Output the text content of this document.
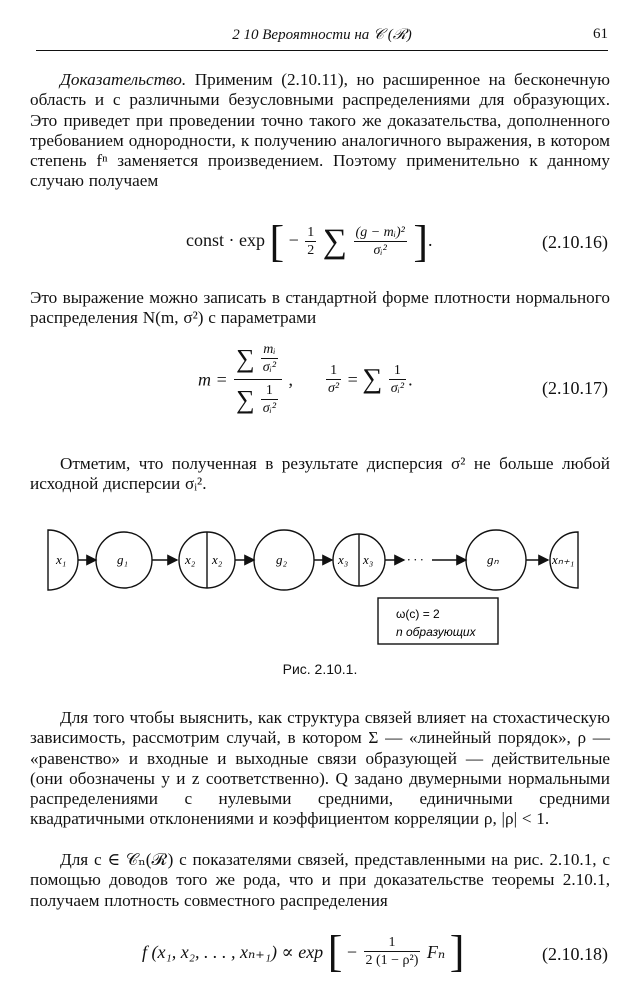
2 10 Вероятности на 𝒞 (ℛ)	61
Доказательство. Применим (2.10.11), но расширенное на бесконечную область и с различными безусловными распределениями для образующих. Это приведет при проведении точно такого же доказательства, дополненного требованием однородности, к получению аналогичного выражения, в котором степень fⁿ заменяется произведением. Поэтому применительно к данному случаю получаем
const · exp [ − $\frac{1}{2}$ ∑ $\frac{\text{(g − mᵢ)²}}{\text{σᵢ²}}$ ].	(2.10.16)
Это выражение можно записать в стандартной форме плотности нормального распределения N(m, σ²) с параметрами
$m = \frac{\sum \frac{\text{mᵢ}}{\text{σᵢ²}}}{\sum \frac{1}{\text{σᵢ²}}}$ , $\frac{1}{\text{σ²}}$ = ∑ $\frac{1}{\text{σᵢ²}}$ .	(2.10.17)
Отметим, что полученная в результате дисперсия σ² не больше любой исходной дисперсии σᵢ².
x₁	g₁	x₂ x₂	g₂	x₃ x₃	· · ·	gₙ	xₙ₊₁
ω(c) = 2
n образующих
Рис. 2.10.1.
Для того чтобы выяснить, как структура связей влияет на стохастическую зависимость, рассмотрим случай, в котором Σ — «линейный порядок», ρ — «равенство» и входные и выходные связи образующей — действительные (они обозначены y и z соответственно). Q задано двумерными нормальными распределениями с нулевыми средними, единичными средними квадратичными отклонениями и коэффициентом корреляции ρ, |ρ| < 1.
Для c ∈ 𝒞ₙ(ℛ) с показателями связей, представленными на рис. 2.10.1, с помощью доводов того же рода, что и при доказательстве теоремы 2.10.1, получаем плотность совместного распределения
f (x₁, x₂, . . . , xₙ₊₁) ∝ exp [ − $\frac{1}{\text{2 (1 − ρ²)}}$ Fₙ ]	(2.10.18)
